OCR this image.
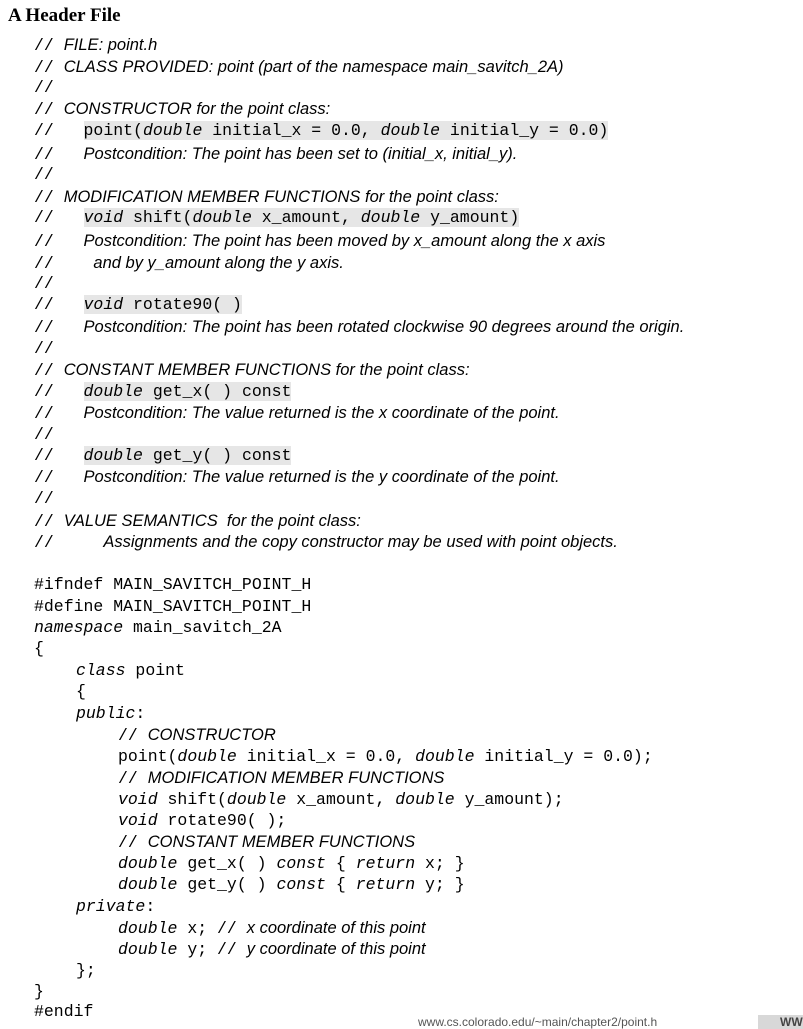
A Header File
// FILE: point.h
// CLASS PROVIDED: point (part of the namespace main_savitch_2A)
//
// CONSTRUCTOR for the point class:
//   point(double initial_x = 0.0, double initial_y = 0.0)
//   Postcondition: The point has been set to (initial_x, initial_y).
//
// MODIFICATION MEMBER FUNCTIONS for the point class:
//   void shift(double x_amount, double y_amount)
//   Postcondition: The point has been moved by x_amount along the x axis
//    and by y_amount along the y axis.
//
//   void rotate90( )
//   Postcondition: The point has been rotated clockwise 90 degrees around the origin.
//
// CONSTANT MEMBER FUNCTIONS for the point class:
//   double get_x( ) const
//   Postcondition: The value returned is the x coordinate of the point.
//
//   double get_y( ) const
//   Postcondition: The value returned is the y coordinate of the point.
//
// VALUE SEMANTICS  for the point class:
//     Assignments and the copy constructor may be used with point objects.
#ifndef MAIN_SAVITCH_POINT_H
#define MAIN_SAVITCH_POINT_H
namespace main_savitch_2A
{
class point
{
public:
// CONSTRUCTOR
point(double initial_x = 0.0, double initial_y = 0.0);
// MODIFICATION MEMBER FUNCTIONS
void shift(double x_amount, double y_amount);
void rotate90( );
// CONSTANT MEMBER FUNCTIONS
double get_x( ) const { return x; }
double get_y( ) const { return y; }
private:
double x; // x coordinate of this point
double y; // y coordinate of this point
};
}
#endif
www.cs.colorado.edu/~main/chapter2/point.h	WW
